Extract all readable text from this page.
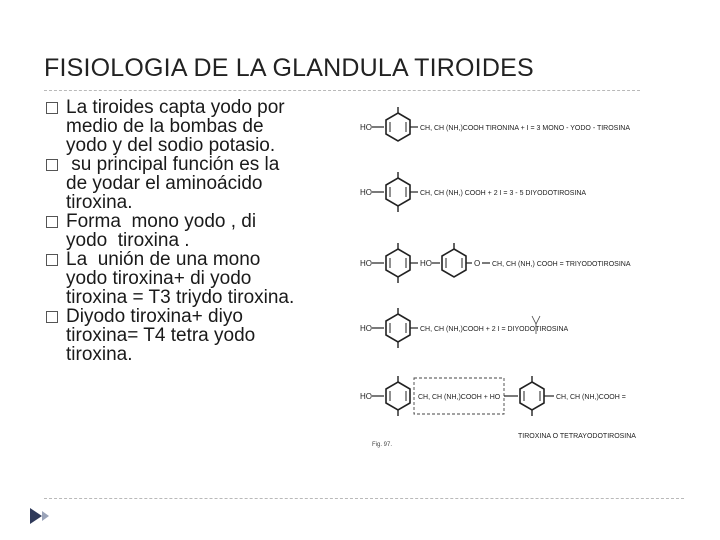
FISIOLOGIA DE LA GLANDULA TIROIDES
La tiroides capta yodo por
medio de la bombas de
yodo y del sodio potasio.
su principal función es la
de yodar el aminoácido
tiroxina.
Forma  mono yodo , di
yodo  tiroxina .
La  unión de una mono
yodo tiroxina+ di yodo
tiroxina = T3 triydo tiroxina.
Diyodo tiroxina+ diyo
tiroxina= T4 tetra yodo
tiroxina.
HO	CH, CH (NH,)COOH TIRONINA + I = 3 MONO - YODO - TIROSINA
HO	CH, CH (NH,) COOH + 2 I = 3 - 5 DIYODOTIROSINA
HO	HO	O CH, CH (NH,) COOH = TRIYODOTIROSINA
HO	CH, CH (NH,)COOH + 2 I = DIYODOTIROSINA
HO	CH, CH (NH,)COOH + HO	CH, CH (NH,)COOH =
Fig. 97.
TIROXINA O TETRAYODOTIROSINA
